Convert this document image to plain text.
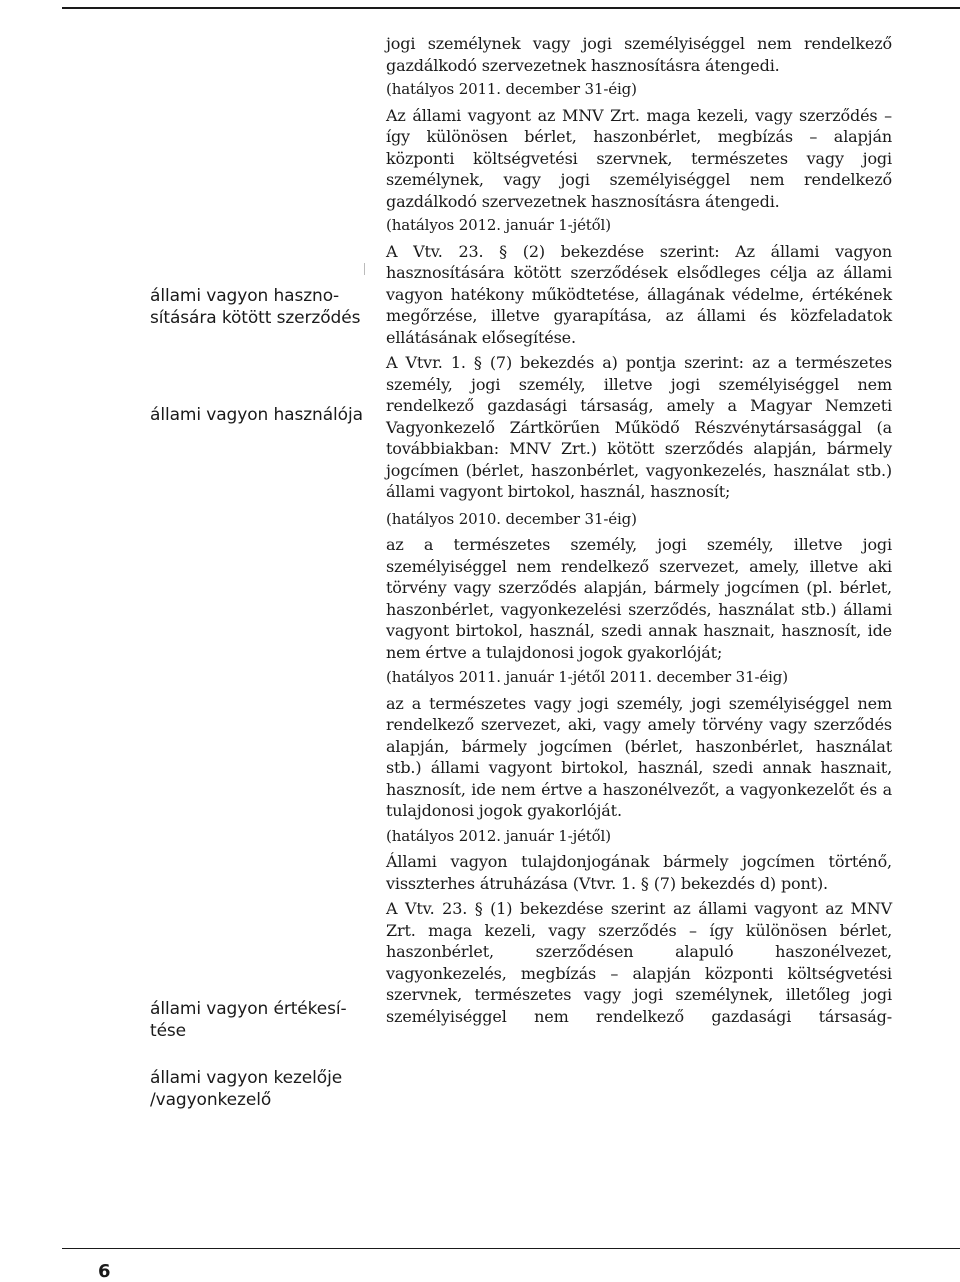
állami vagyon hasznosítására kötött szerződés
állami vagyon használója
állami vagyon értékesítése
állami vagyon kezelője /vagyonkezelő

jogi személynek vagy jogi személyiséggel nem rendelkező gazdálkodó szervezetnek hasznosításra átengedi.

(hatályos 2011. december 31-éig)

Az állami vagyont az MNV Zrt. maga kezeli, vagy szerződés – így különösen bérlet, haszonbérlet, megbízás – alapján központi költségvetési szervnek, természetes vagy jogi személynek, vagy jogi személyiséggel nem rendelkező gazdálkodó szervezetnek hasznosításra átengedi.

(hatályos 2012. január 1-jétől)

A Vtv. 23. § (2) bekezdése szerint: Az állami vagyon hasznosítására kötött szerződések elsődleges célja az állami vagyon hatékony működtetése, állagának védelme, értékének megőrzése, illetve gyarapítása, az állami és közfeladatok ellátásának elősegítése.

A Vtvr. 1. § (7) bekezdés a) pontja szerint: az a természetes személy, jogi személy, illetve jogi személyiséggel nem rendelkező gazdasági társaság, amely a Magyar Nemzeti Vagyonkezelő Zártkörűen Működő Részvénytársasággal (a továbbiakban: MNV Zrt.) kötött szerződés alapján, bármely jogcímen (bérlet, haszonbérlet, vagyonkezelés, használat stb.) állami vagyont birtokol, használ, hasznosít;

(hatályos 2010. december 31-éig)

az a természetes személy, jogi személy, illetve jogi személyiséggel nem rendelkező szervezet, amely, illetve aki törvény vagy szerződés alapján, bármely jogcímen (pl. bérlet, haszonbérlet, vagyonkezelési szerződés, használat stb.) állami vagyont birtokol, használ, szedi annak hasznait, hasznosít, ide nem értve a tulajdonosi jogok gyakorlóját;

(hatályos 2011. január 1-jétől 2011. december 31-éig)

az a természetes vagy jogi személy, jogi személyiséggel nem rendelkező szervezet, aki, vagy amely törvény vagy szerződés alapján, bármely jogcímen (bérlet, haszonbérlet, használat stb.) állami vagyont birtokol, használ, szedi annak hasznait, hasznosít, ide nem értve a haszonélvezőt, a vagyonkezelőt és a tulajdonosi jogok gyakorlóját.

(hatályos 2012. január 1-jétől)

Állami vagyon tulajdonjogának bármely jogcímen történő, visszterhes átruházása (Vtvr. 1. § (7) bekezdés d) pont).

A Vtv. 23. § (1) bekezdése szerint az állami vagyont az MNV Zrt. maga kezeli, vagy szerződés – így különösen bérlet, haszonbérlet, szerződésen alapuló haszonélvezet, vagyonkezelés, megbízás – alapján központi költségvetési szervnek, természetes vagy jogi személynek, illetőleg jogi személyiséggel nem rendelkező gazdasági társaság-

6
